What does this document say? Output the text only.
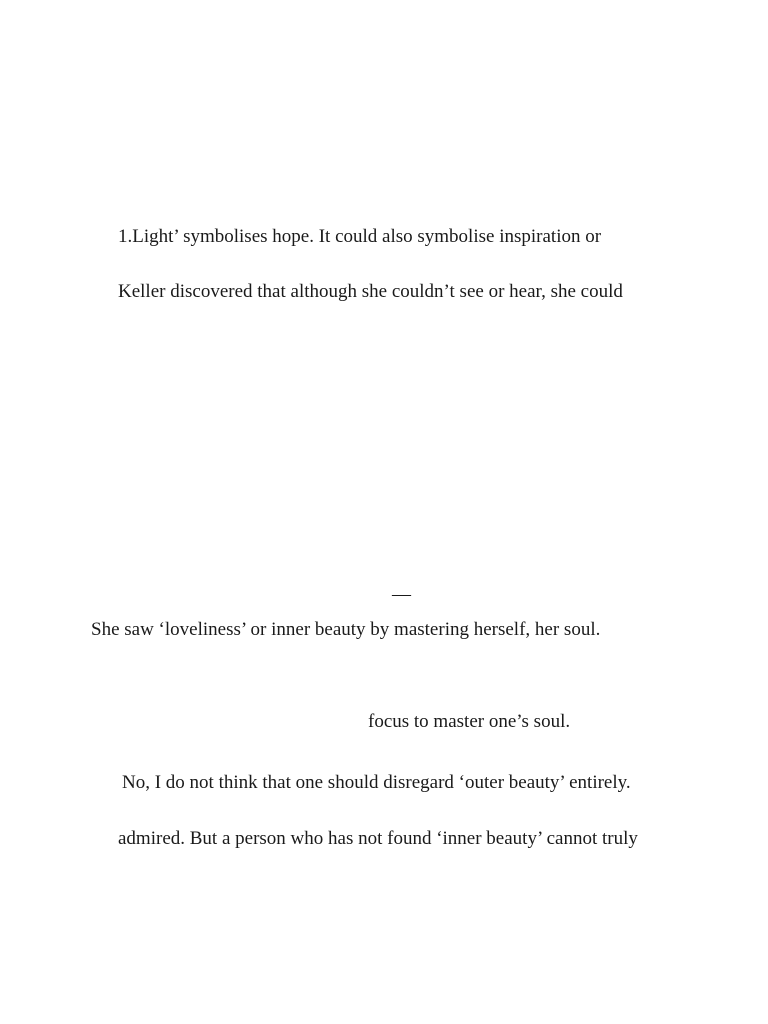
1.Light’ symbolises hope. It could also symbolise inspiration or
Keller discovered that although she couldn’t see or hear, she could
—
She saw ‘loveliness’ or inner beauty by mastering herself, her soul.
focus to master one’s soul.
No, I do not think that one should disregard ‘outer beauty’ entirely.
admired. But a person who has not found ‘inner beauty’ cannot truly
